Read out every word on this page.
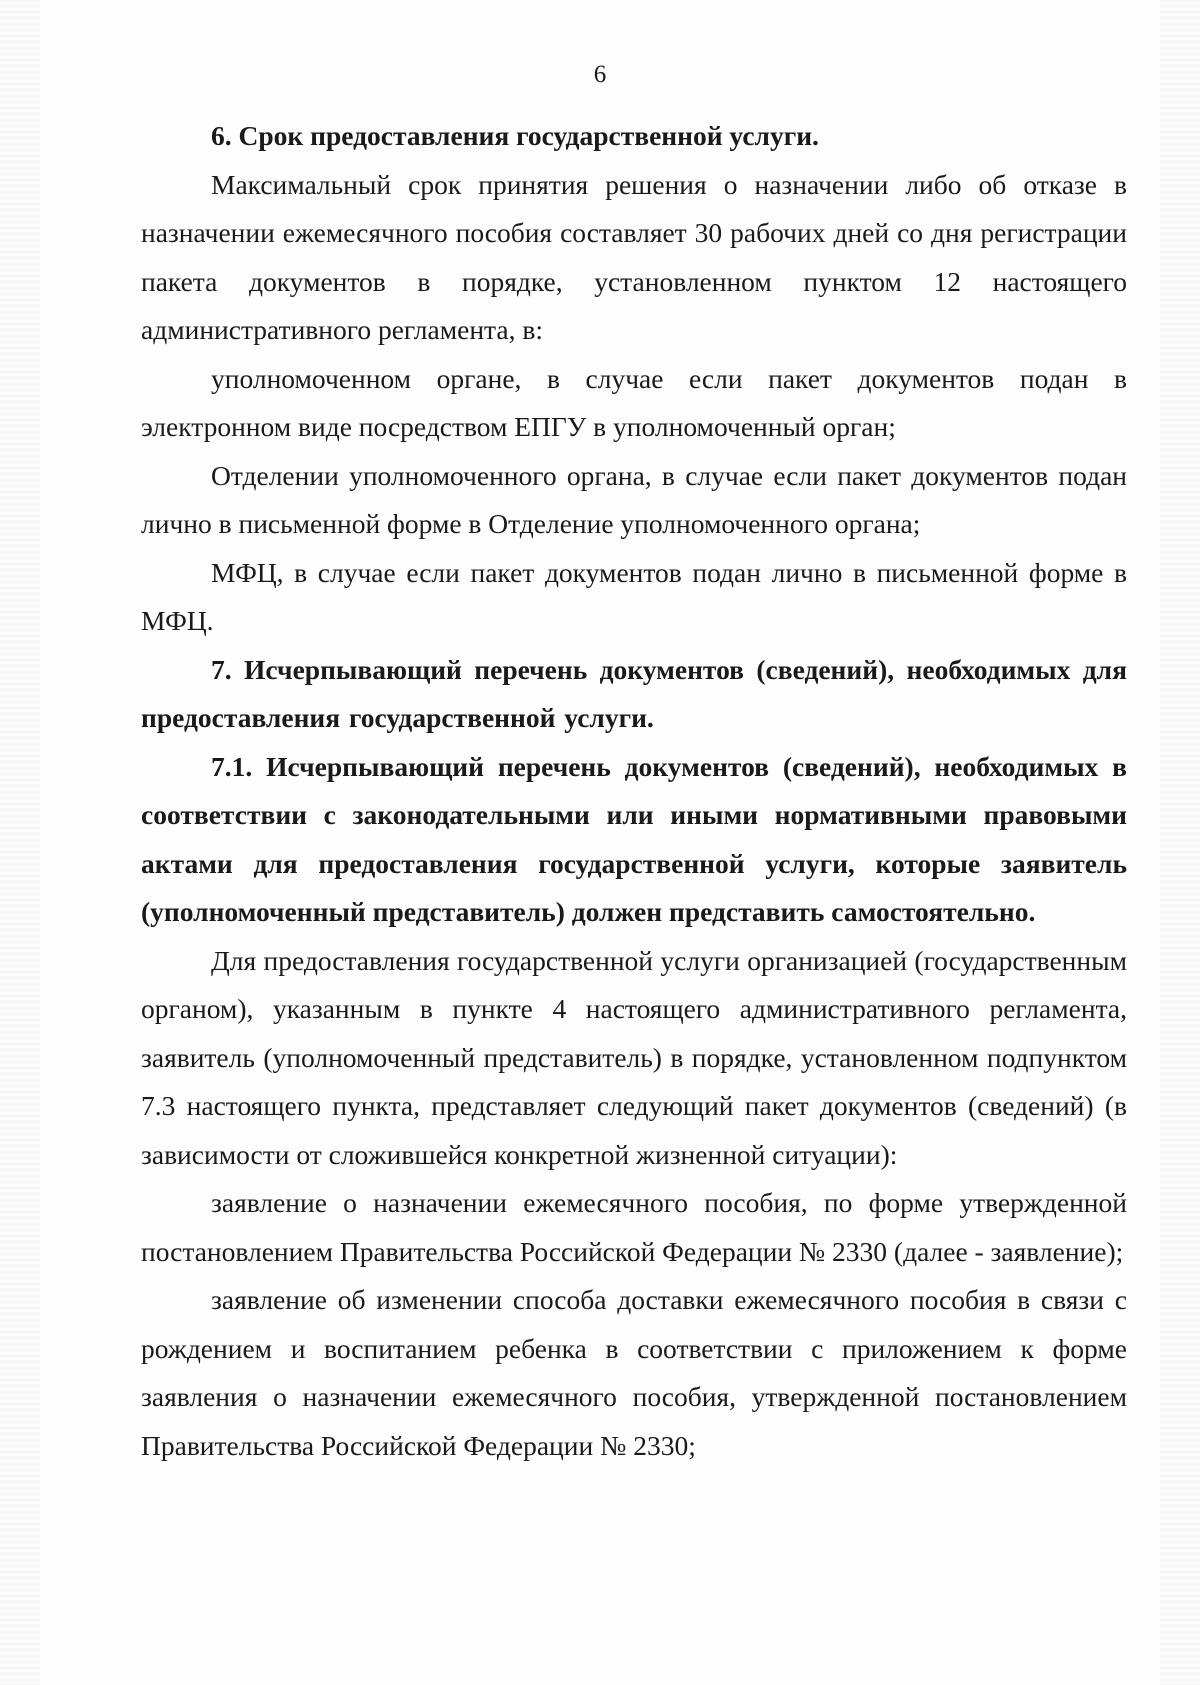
6

6. Срок предоставления государственной услуги.

Максимальный срок принятия решения о назначении либо об отказе в назначении ежемесячного пособия составляет 30 рабочих дней со дня регистрации пакета документов в порядке, установленном пунктом 12 настоящего административного регламента, в:

уполномоченном органе, в случае если пакет документов подан в электронном виде посредством ЕПГУ в уполномоченный орган;

Отделении уполномоченного органа, в случае если пакет документов подан лично в письменной форме в Отделение уполномоченного органа;

МФЦ, в случае если пакет документов подан лично в письменной форме в МФЦ.

7. Исчерпывающий перечень документов (сведений), необходимых для предоставления государственной услуги.

7.1. Исчерпывающий перечень документов (сведений), необходимых в соответствии с законодательными или иными нормативными правовыми актами для предоставления государственной услуги, которые заявитель (уполномоченный представитель) должен представить самостоятельно.

Для предоставления государственной услуги организацией (государственным органом), указанным в пункте 4 настоящего административного регламента, заявитель (уполномоченный представитель) в порядке, установленном подпунктом 7.3 настоящего пункта, представляет следующий пакет документов (сведений) (в зависимости от сложившейся конкретной жизненной ситуации):

заявление о назначении ежемесячного пособия, по форме утвержденной постановлением Правительства Российской Федерации № 2330 (далее - заявление);

заявление об изменении способа доставки ежемесячного пособия в связи с рождением и воспитанием ребенка в соответствии с приложением к форме заявления о назначении ежемесячного пособия, утвержденной постановлением Правительства Российской Федерации № 2330;
